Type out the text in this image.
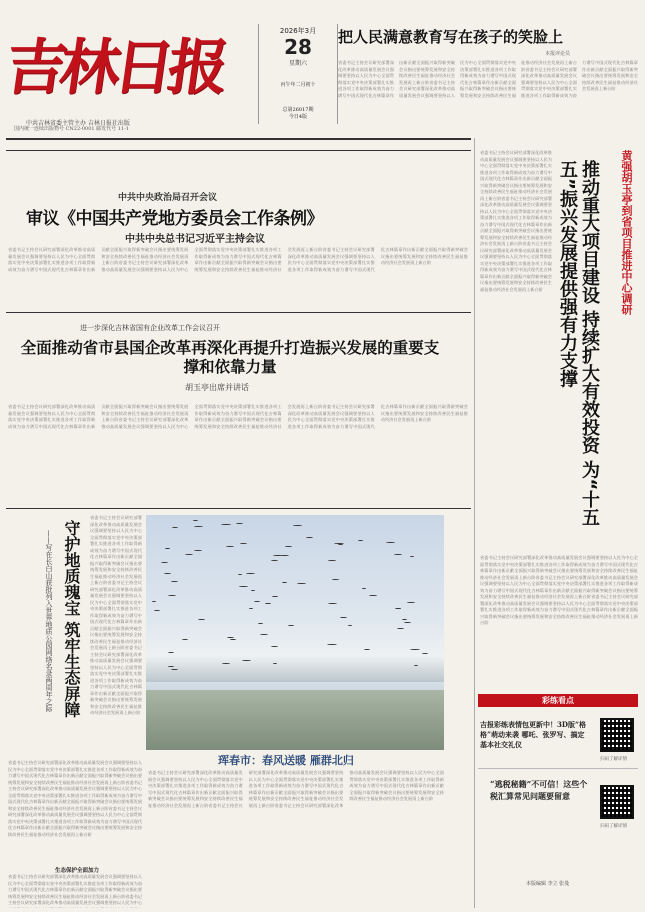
吉林日报
中共吉林省委主管主办 吉林日报社出版
国内统一连续出版物号 CN22-0001 邮发代号 11-1
2026年3月
28
星期六
丙午年二月初十
总第26017期
今日4版
把人民满意教育写在孩子的笑脸上
本报评论员
省委书记主持会议研究部署深化改革推动高质量发展会议强调要坚持以人民为中心全面贯彻落实党中央决策部署扎实推进各项工作取得新成效为奋力谱写中国式现代化吉林篇章作出新贡献全面振兴取得新突破会议指出要统筹发展和安全持续改善民生福祉推动经济社会发展再上新台阶省委书记主持会议研究部署深化改革推动高质量发展会议强调要坚持以人民为中心全面贯彻落实党中央决策部署扎实推进各项工作取得新成效为奋力谱写中国式现代化吉林篇章作出新贡献全面振兴取得新突破会议指出要统筹发展和安全持续改善民生福祉推动经济社会发展再上新台阶省委书记主持会议研究部署深化改革推动高质量发展会议强调要坚持以人民为中心全面贯彻落实党中央决策部署扎实推进各项工作取得新成效为奋力谱写中国式现代化吉林篇章作出新贡献全面振兴取得新突破会议指出要统筹发展和安全持续改善民生福祉推动经济社会发展再上新台阶
中共中央政治局召开会议
审议《中国共产党地方委员会工作条例》
中共中央总书记习近平主持会议
省委书记主持会议研究部署深化改革推动高质量发展会议强调要坚持以人民为中心全面贯彻落实党中央决策部署扎实推进各项工作取得新成效为奋力谱写中国式现代化吉林篇章作出新贡献全面振兴取得新突破会议指出要统筹发展和安全持续改善民生福祉推动经济社会发展再上新台阶省委书记主持会议研究部署深化改革推动高质量发展会议强调要坚持以人民为中心全面贯彻落实党中央决策部署扎实推进各项工作取得新成效为奋力谱写中国式现代化吉林篇章作出新贡献全面振兴取得新突破会议指出要统筹发展和安全持续改善民生福祉推动经济社会发展再上新台阶省委书记主持会议研究部署深化改革推动高质量发展会议强调要坚持以人民为中心全面贯彻落实党中央决策部署扎实推进各项工作取得新成效为奋力谱写中国式现代化吉林篇章作出新贡献全面振兴取得新突破会议指出要统筹发展和安全持续改善民生福祉推动经济社会发展再上新台阶
进一步深化吉林省国有企业改革工作会议召开
全面推动省市县国企改革再深化再提升打造振兴发展的重要支撑和依靠力量
胡玉亭出席并讲话
省委书记主持会议研究部署深化改革推动高质量发展会议强调要坚持以人民为中心全面贯彻落实党中央决策部署扎实推进各项工作取得新成效为奋力谱写中国式现代化吉林篇章作出新贡献全面振兴取得新突破会议指出要统筹发展和安全持续改善民生福祉推动经济社会发展再上新台阶省委书记主持会议研究部署深化改革推动高质量发展会议强调要坚持以人民为中心全面贯彻落实党中央决策部署扎实推进各项工作取得新成效为奋力谱写中国式现代化吉林篇章作出新贡献全面振兴取得新突破会议指出要统筹发展和安全持续改善民生福祉推动经济社会发展再上新台阶省委书记主持会议研究部署深化改革推动高质量发展会议强调要坚持以人民为中心全面贯彻落实党中央决策部署扎实推进各项工作取得新成效为奋力谱写中国式现代化吉林篇章作出新贡献全面振兴取得新突破会议指出要统筹发展和安全持续改善民生福祉推动经济社会发展再上新台阶
守护地质瑰宝 筑牢生态屏障
——写在长白山获批列入世界地质公园网络名录两周年之际
省委书记主持会议研究部署深化改革推动高质量发展会议强调要坚持以人民为中心全面贯彻落实党中央决策部署扎实推进各项工作取得新成效为奋力谱写中国式现代化吉林篇章作出新贡献全面振兴取得新突破会议指出要统筹发展和安全持续改善民生福祉推动经济社会发展再上新台阶省委书记主持会议研究部署深化改革推动高质量发展会议强调要坚持以人民为中心全面贯彻落实党中央决策部署扎实推进各项工作取得新成效为奋力谱写中国式现代化吉林篇章作出新贡献全面振兴取得新突破会议指出要统筹发展和安全持续改善民生福祉推动经济社会发展再上新台阶省委书记主持会议研究部署深化改革推动高质量发展会议强调要坚持以人民为中心全面贯彻落实党中央决策部署扎实推进各项工作取得新成效为奋力谱写中国式现代化吉林篇章作出新贡献全面振兴取得新突破会议指出要统筹发展和安全持续改善民生福祉推动经济社会发展再上新台阶
省委书记主持会议研究部署深化改革推动高质量发展会议强调要坚持以人民为中心全面贯彻落实党中央决策部署扎实推进各项工作取得新成效为奋力谱写中国式现代化吉林篇章作出新贡献全面振兴取得新突破会议指出要统筹发展和安全持续改善民生福祉推动经济社会发展再上新台阶省委书记主持会议研究部署深化改革推动高质量发展会议强调要坚持以人民为中心全面贯彻落实党中央决策部署扎实推进各项工作取得新成效为奋力谱写中国式现代化吉林篇章作出新贡献全面振兴取得新突破会议指出要统筹发展和安全持续改善民生福祉推动经济社会发展再上新台阶省委书记主持会议研究部署深化改革推动高质量发展会议强调要坚持以人民为中心全面贯彻落实党中央决策部署扎实推进各项工作取得新成效为奋力谱写中国式现代化吉林篇章作出新贡献全面振兴取得新突破会议指出要统筹发展和安全持续改善民生福祉推动经济社会发展再上新台阶
生态保护全面加力
省委书记主持会议研究部署深化改革推动高质量发展会议强调要坚持以人民为中心全面贯彻落实党中央决策部署扎实推进各项工作取得新成效为奋力谱写中国式现代化吉林篇章作出新贡献全面振兴取得新突破会议指出要统筹发展和安全持续改善民生福祉推动经济社会发展再上新台阶省委书记主持会议研究部署深化改革推动高质量发展会议强调要坚持以人民为中心全面贯彻落实党中央决策部署扎实推进各项工作取得新成效为奋力谱写中国式现代化吉林篇章作出新贡献全面振兴取得新突破会议指出要统筹发展和安全持续改善民生福祉推动经济社会发展再上新台阶省委书记主持会议研究部署深化改革推动高质量发展会议强调要坚持以人民为中心全面贯彻落实党中央决策部署扎实推进各项工作取得新成效为奋力谱写中国式现代化吉林篇章作出新贡献全面振兴取得新突破会议指出要统筹发展和安全持续改善民生福祉推动经济社会发展再上新台阶
珲春市：春风送暖 雁群北归
省委书记主持会议研究部署深化改革推动高质量发展会议强调要坚持以人民为中心全面贯彻落实党中央决策部署扎实推进各项工作取得新成效为奋力谱写中国式现代化吉林篇章作出新贡献全面振兴取得新突破会议指出要统筹发展和安全持续改善民生福祉推动经济社会发展再上新台阶省委书记主持会议研究部署深化改革推动高质量发展会议强调要坚持以人民为中心全面贯彻落实党中央决策部署扎实推进各项工作取得新成效为奋力谱写中国式现代化吉林篇章作出新贡献全面振兴取得新突破会议指出要统筹发展和安全持续改善民生福祉推动经济社会发展再上新台阶省委书记主持会议研究部署深化改革推动高质量发展会议强调要坚持以人民为中心全面贯彻落实党中央决策部署扎实推进各项工作取得新成效为奋力谱写中国式现代化吉林篇章作出新贡献全面振兴取得新突破会议指出要统筹发展和安全持续改善民生福祉推动经济社会发展再上新台阶
黄强胡玉亭到省项目推进中心调研
推动重大项目建设 持续扩大有效投资 为“十五五”振兴发展提供强有力支撑
省委书记主持会议研究部署深化改革推动高质量发展会议强调要坚持以人民为中心全面贯彻落实党中央决策部署扎实推进各项工作取得新成效为奋力谱写中国式现代化吉林篇章作出新贡献全面振兴取得新突破会议指出要统筹发展和安全持续改善民生福祉推动经济社会发展再上新台阶省委书记主持会议研究部署深化改革推动高质量发展会议强调要坚持以人民为中心全面贯彻落实党中央决策部署扎实推进各项工作取得新成效为奋力谱写中国式现代化吉林篇章作出新贡献全面振兴取得新突破会议指出要统筹发展和安全持续改善民生福祉推动经济社会发展再上新台阶省委书记主持会议研究部署深化改革推动高质量发展会议强调要坚持以人民为中心全面贯彻落实党中央决策部署扎实推进各项工作取得新成效为奋力谱写中国式现代化吉林篇章作出新贡献全面振兴取得新突破会议指出要统筹发展和安全持续改善民生福祉推动经济社会发展再上新台阶
省委书记主持会议研究部署深化改革推动高质量发展会议强调要坚持以人民为中心全面贯彻落实党中央决策部署扎实推进各项工作取得新成效为奋力谱写中国式现代化吉林篇章作出新贡献全面振兴取得新突破会议指出要统筹发展和安全持续改善民生福祉推动经济社会发展再上新台阶省委书记主持会议研究部署深化改革推动高质量发展会议强调要坚持以人民为中心全面贯彻落实党中央决策部署扎实推进各项工作取得新成效为奋力谱写中国式现代化吉林篇章作出新贡献全面振兴取得新突破会议指出要统筹发展和安全持续改善民生福祉推动经济社会发展再上新台阶省委书记主持会议研究部署深化改革推动高质量发展会议强调要坚持以人民为中心全面贯彻落实党中央决策部署扎实推进各项工作取得新成效为奋力谱写中国式现代化吉林篇章作出新贡献全面振兴取得新突破会议指出要统筹发展和安全持续改善民生福祉推动经济社会发展再上新台阶
彩练看点
吉报彩练表情包更新中！3D版“格格”萌动来袭 哪吒、张罗写、搞定基本社交礼仪
扫码了解详情
“逃税秘籍”不可信！这些个税汇算常见问题要留意
扫码了解详情
本版编辑 李立 张曼
